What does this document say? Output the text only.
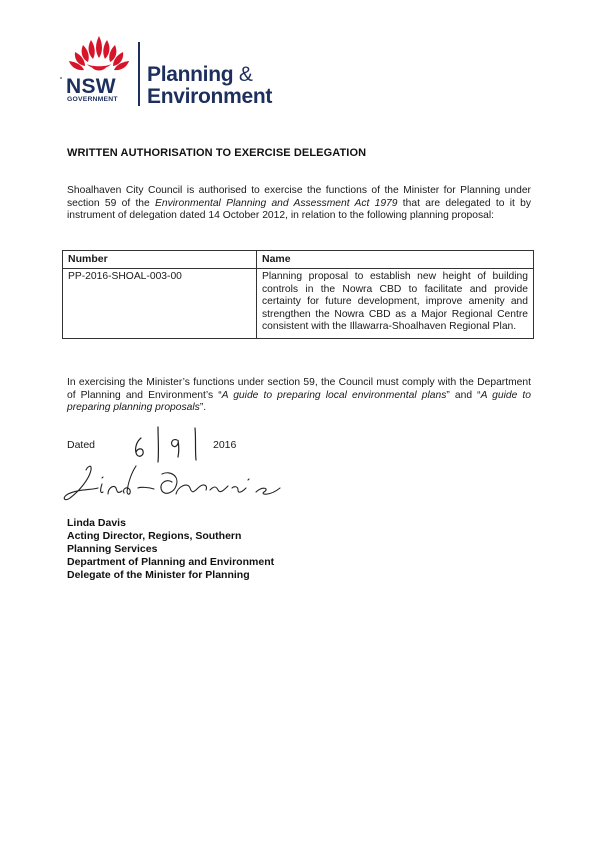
NSW
GOVERNMENT
Planning &
Environment
WRITTEN AUTHORISATION TO EXERCISE DELEGATION
Shoalhaven City Council is authorised to exercise the functions of the Minister for Planning under section 59 of the Environmental Planning and Assessment Act 1979 that are delegated to it by instrument of delegation dated 14 October 2012, in relation to the following planning proposal:
Number	Name
PP-2016-SHOAL-003-00	Planning proposal to establish new height of building controls in the Nowra CBD to facilitate and provide certainty for future development, improve amenity and strengthen the Nowra CBD as a Major Regional Centre consistent with the Illawarra-Shoalhaven Regional Plan.
In exercising the Minister’s functions under section 59, the Council must comply with the Department of Planning and Environment’s “A guide to preparing local environmental plans” and “A guide to preparing planning proposals”.
Dated	2016
Linda Davis
Acting Director, Regions, Southern
Planning Services
Department of Planning and Environment
Delegate of the Minister for Planning
